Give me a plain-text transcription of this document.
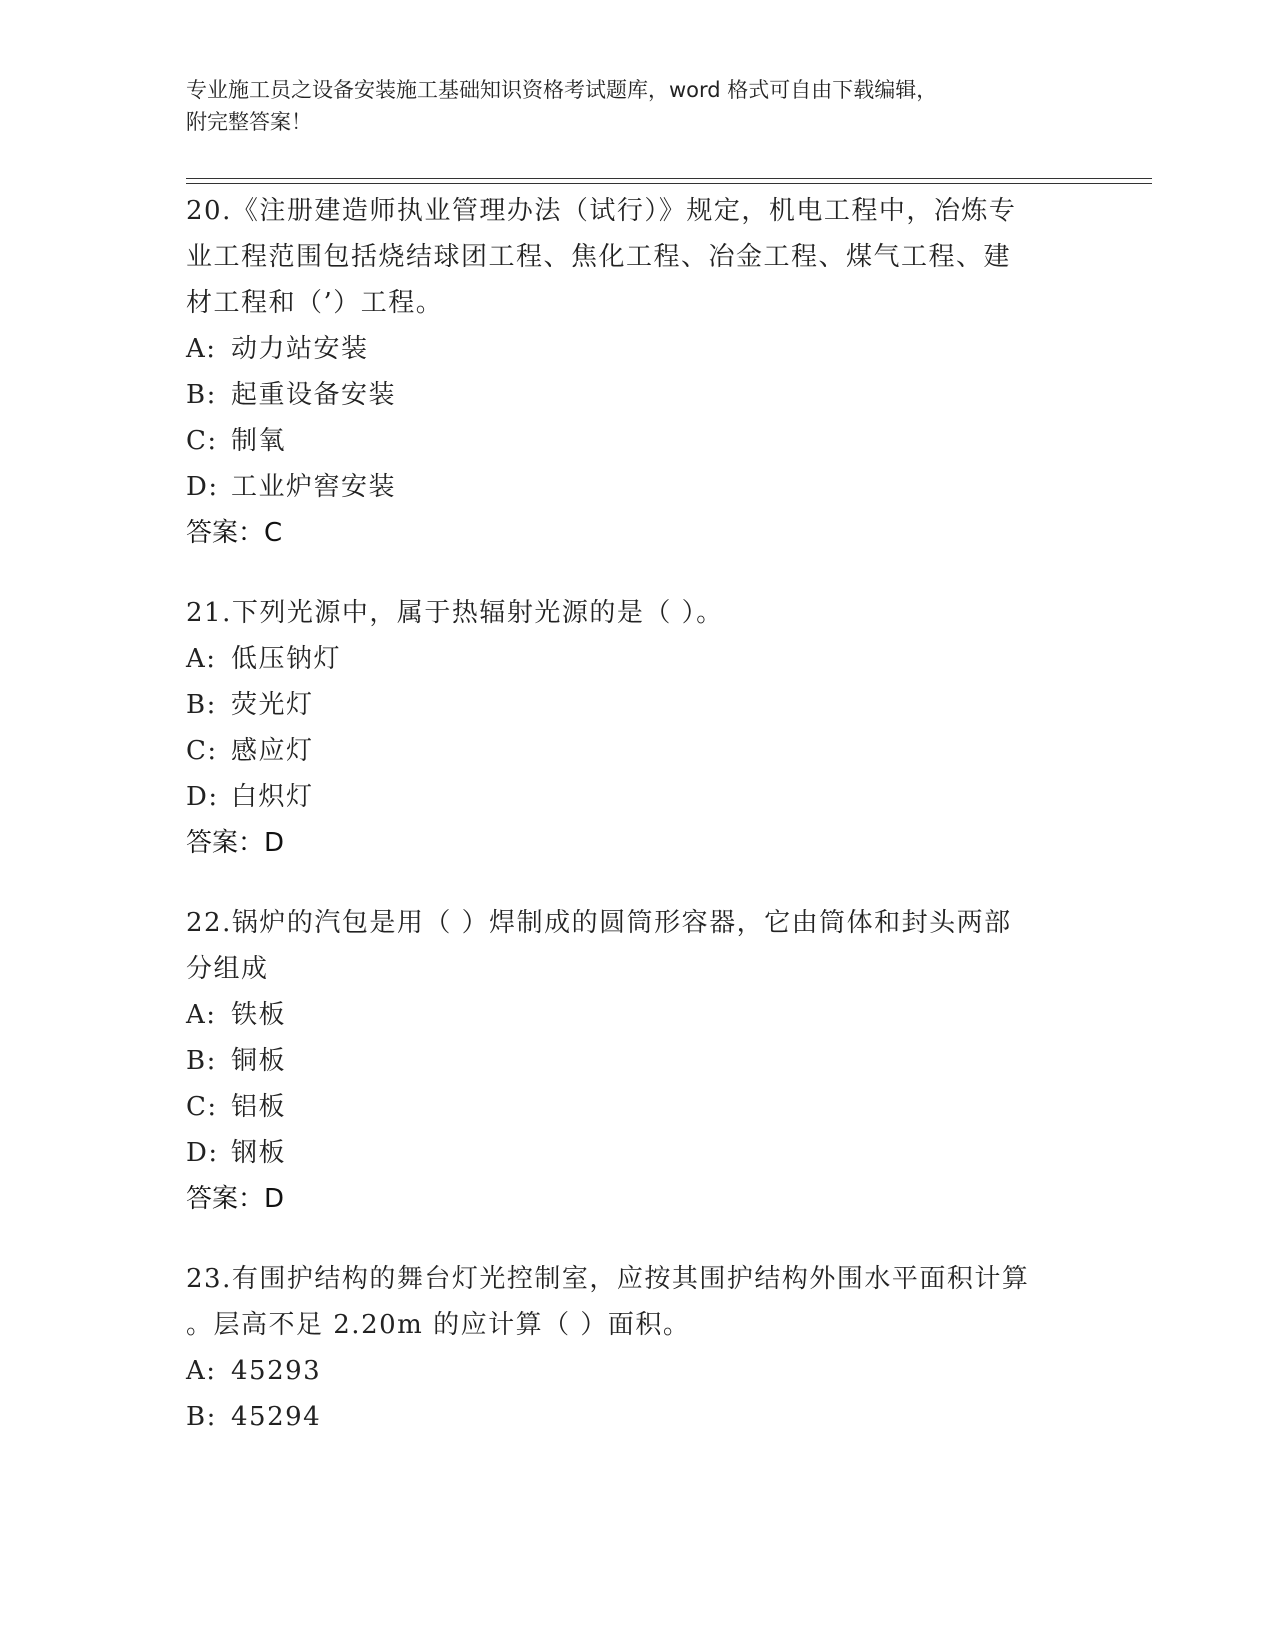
专业施工员之设备安装施工基础知识资格考试题库，word 格式可自由下载编辑，
附完整答案！
20.《注册建造师执业管理办法（试行）》规定，机电工程中，冶炼专
业工程范围包括烧结球团工程、焦化工程、冶金工程、煤气工程、建
材工程和（’）工程。
A: 动力站安装
B: 起重设备安装
C: 制氧
D: 工业炉窖安装
答案：C
21.下列光源中，属于热辐射光源的是（ ）。
A: 低压钠灯
B: 荧光灯
C: 感应灯
D: 白炽灯
答案：D
22.锅炉的汽包是用（ ）焊制成的圆筒形容器，它由筒体和封头两部
分组成
A: 铁板
B: 铜板
C: 铝板
D: 钢板
答案：D
23.有围护结构的舞台灯光控制室，应按其围护结构外围水平面积计算
。层高不足 2.20m 的应计算（ ）面积。
A: 45293
B: 45294
